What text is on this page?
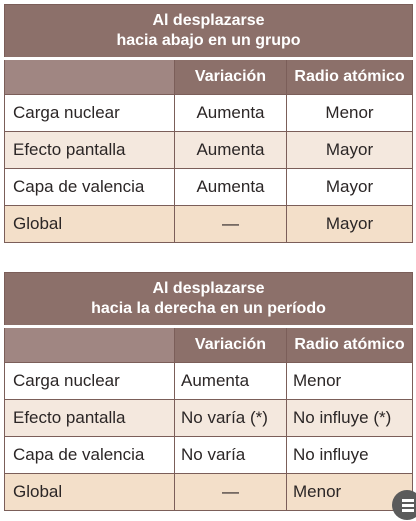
Al desplazarse
hacia abajo en un grupo		
	Variación	Radio atómico
Carga nuclear	Aumenta	Menor
Efecto pantalla	Aumenta	Mayor
Capa de valencia	Aumenta	Mayor
Global	—	Mayor
Al desplazarse
hacia la derecha en un período		
	Variación	Radio atómico
Carga nuclear	Aumenta	Menor
Efecto pantalla	No varía (*)	No influye (*)
Capa de valencia	No varía	No influye
Global	—	Menor
